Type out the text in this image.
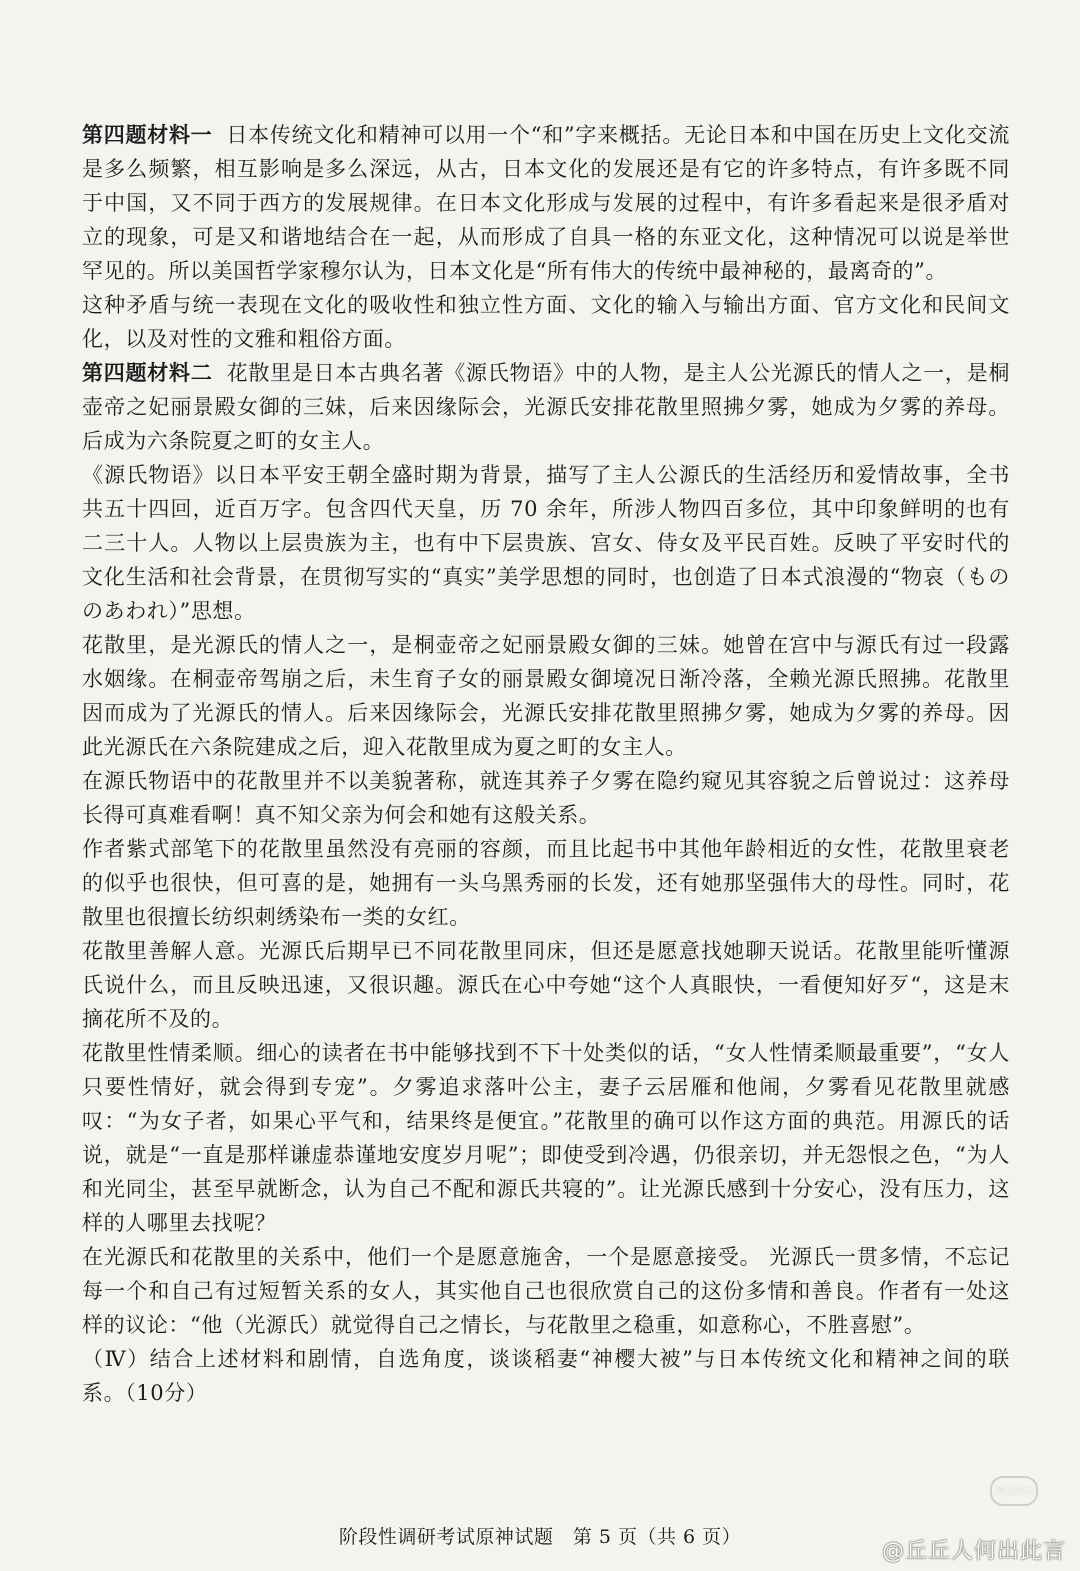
第四题材料一 日本传统文化和精神可以用一个“和”字来概括。无论日本和中国在历史上文化交流是多么频繁，相互影响是多么深远，从古，日本文化的发展还是有它的许多特点，有许多既不同于中国，又不同于西方的发展规律。在日本文化形成与发展的过程中，有许多看起来是很矛盾对立的现象，可是又和谐地结合在一起，从而形成了自具一格的东亚文化，这种情况可以说是举世罕见的。所以美国哲学家穆尔认为，日本文化是“所有伟大的传统中最神秘的，最离奇的”。

这种矛盾与统一表现在文化的吸收性和独立性方面、文化的输入与输出方面、官方文化和民间文化，以及对性的文雅和粗俗方面。

第四题材料二 花散里是日本古典名著《源氏物语》中的人物，是主人公光源氏的情人之一，是桐壶帝之妃丽景殿女御的三妹，后来因缘际会，光源氏安排花散里照拂夕雾，她成为夕雾的养母。后成为六条院夏之町的女主人。

《源氏物语》以日本平安王朝全盛时期为背景，描写了主人公源氏的生活经历和爱情故事，全书共五十四回，近百万字。包含四代天皇，历 70 余年，所涉人物四百多位，其中印象鲜明的也有二三十人。人物以上层贵族为主，也有中下层贵族、宫女、侍女及平民百姓。反映了平安时代的文化生活和社会背景，在贯彻写实的“真实”美学思想的同时，也创造了日本式浪漫的“物哀（もののあわれ）”思想。

花散里，是光源氏的情人之一，是桐壶帝之妃丽景殿女御的三妹。她曾在宫中与源氏有过一段露水姻缘。在桐壶帝驾崩之后，未生育子女的丽景殿女御境况日渐冷落，全赖光源氏照拂。花散里因而成为了光源氏的情人。后来因缘际会，光源氏安排花散里照拂夕雾，她成为夕雾的养母。因此光源氏在六条院建成之后，迎入花散里成为夏之町的女主人。

在源氏物语中的花散里并不以美貌著称，就连其养子夕雾在隐约窥见其容貌之后曾说过：这养母长得可真难看啊！真不知父亲为何会和她有这般关系。

作者紫式部笔下的花散里虽然没有亮丽的容颜，而且比起书中其他年龄相近的女性，花散里衰老的似乎也很快，但可喜的是，她拥有一头乌黑秀丽的长发，还有她那坚强伟大的母性。同时，花散里也很擅长纺织刺绣染布一类的女红。

花散里善解人意。光源氏后期早已不同花散里同床，但还是愿意找她聊天说话。花散里能听懂源氏说什么，而且反映迅速，又很识趣。源氏在心中夸她“这个人真眼快，一看便知好歹“，这是末摘花所不及的。

花散里性情柔顺。细心的读者在书中能够找到不下十处类似的话，“女人性情柔顺最重要”，“女人只要性情好，就会得到专宠”。夕雾追求落叶公主，妻子云居雁和他闹，夕雾看见花散里就感叹：“为女子者，如果心平气和，结果终是便宜。”花散里的确可以作这方面的典范。用源氏的话说，就是“一直是那样谦虚恭谨地安度岁月呢”；即使受到冷遇，仍很亲切，并无怨恨之色，“为人和光同尘，甚至早就断念，认为自己不配和源氏共寝的”。让光源氏感到十分安心，没有压力，这样的人哪里去找呢？

在光源氏和花散里的关系中，他们一个是愿意施舍，一个是愿意接受。 光源氏一贯多情，不忘记每一个和自己有过短暂关系的女人，其实他自己也很欣赏自己的这份多情和善良。作者有一处这样的议论：“他（光源氏）就觉得自己之情长，与花散里之稳重，如意称心，不胜喜慰”。

（Ⅳ）结合上述材料和剧情，自选角度，谈谈稻妻“神樱大被”与日本传统文化和精神之间的联系。（10分）

WEIBO
阶段性调研考试原神试题　第 5 页（共 6 页）
@丘丘人何出此言
